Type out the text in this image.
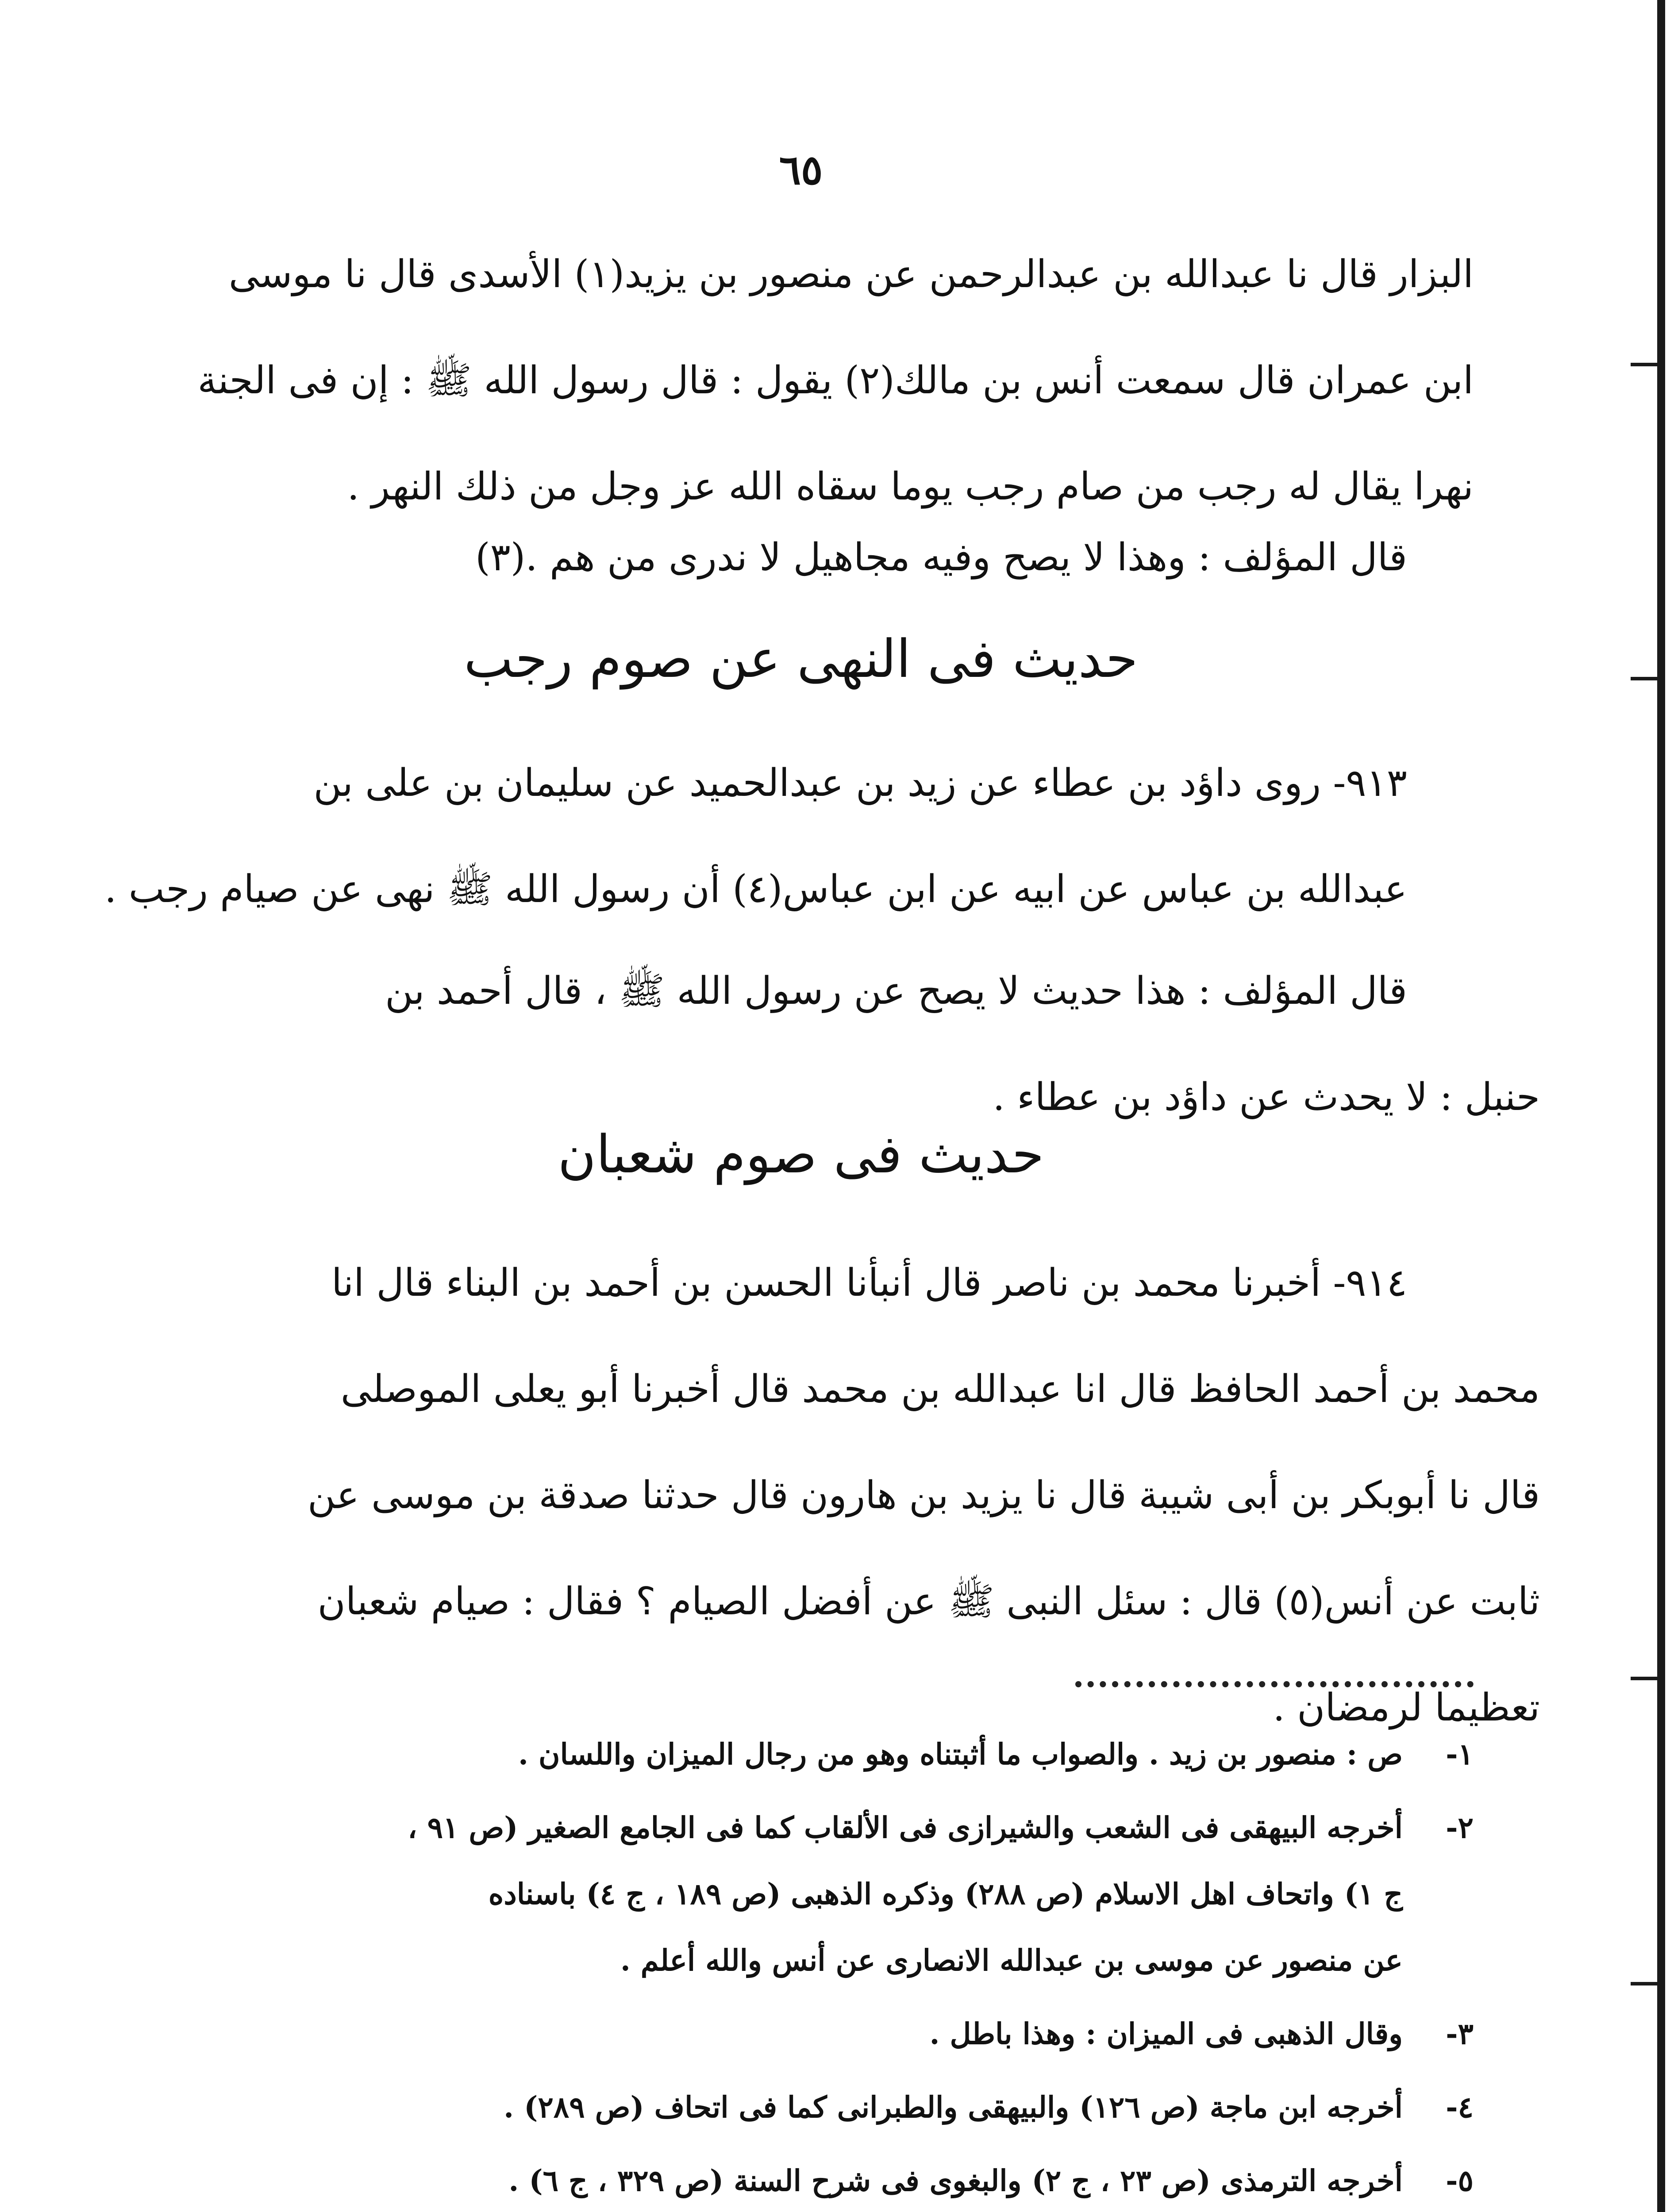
٦٥
البزار قال نا عبدالله بن عبدالرحمن عن منصور بن يزيد(١) الأسدى قال نا موسى
ابن عمران قال سمعت أنس بن مالك(٢) يقول : قال رسول الله ﷺ : إن فى الجنة
نهرا يقال له رجب من صام رجب يوما سقاه الله عز وجل من ذلك النهر .
قال المؤلف : وهذا لا يصح وفيه مجاهيل لا ندرى من هم .(٣)
حديث فى النهى عن صوم رجب
٩١٣- روى داؤد بن عطاء عن زيد بن عبدالحميد عن سليمان بن على بن
عبدالله بن عباس عن ابيه عن ابن عباس(٤) أن رسول الله ﷺ نهى عن صيام رجب .
قال المؤلف : هذا حديث لا يصح عن رسول الله ﷺ ، قال أحمد بن
حنبل : لا يحدث عن داؤد بن عطاء .
حديث فى صوم شعبان
٩١٤- أخبرنا محمد بن ناصر قال أنبأنا الحسن بن أحمد بن البناء قال انا
محمد بن أحمد الحافظ قال انا عبدالله بن محمد قال أخبرنا أبو يعلى الموصلى
قال نا أبوبكر بن أبى شيبة قال نا يزيد بن هارون قال حدثنا صدقة بن موسى عن
ثابت عن أنس(٥) قال : سئل النبى ﷺ عن أفضل الصيام ؟ فقال : صيام شعبان
تعظيما لرمضان .
١-
ص : منصور بن زيد . والصواب ما أثبتناه وهو من رجال الميزان واللسان .
٢-
أخرجه البيهقى فى الشعب والشيرازى فى الألقاب كما فى الجامع الصغير (ص ٩١ ،
ج ١) واتحاف اهل الاسلام (ص ٢٨٨) وذكره الذهبى (ص ١٨٩ ، ج ٤) باسناده
عن منصور عن موسى بن عبدالله الانصارى عن أنس والله أعلم .
٣-
وقال الذهبى فى الميزان : وهذا باطل .
٤-
أخرجه ابن ماجة (ص ١٢٦) والبيهقى والطبرانى كما فى اتحاف (ص ٢٨٩) .
٥-
أخرجه الترمذى (ص ٢٣ ، ج ٢) والبغوى فى شرح السنة (ص ٣٢٩ ، ج ٦) .
